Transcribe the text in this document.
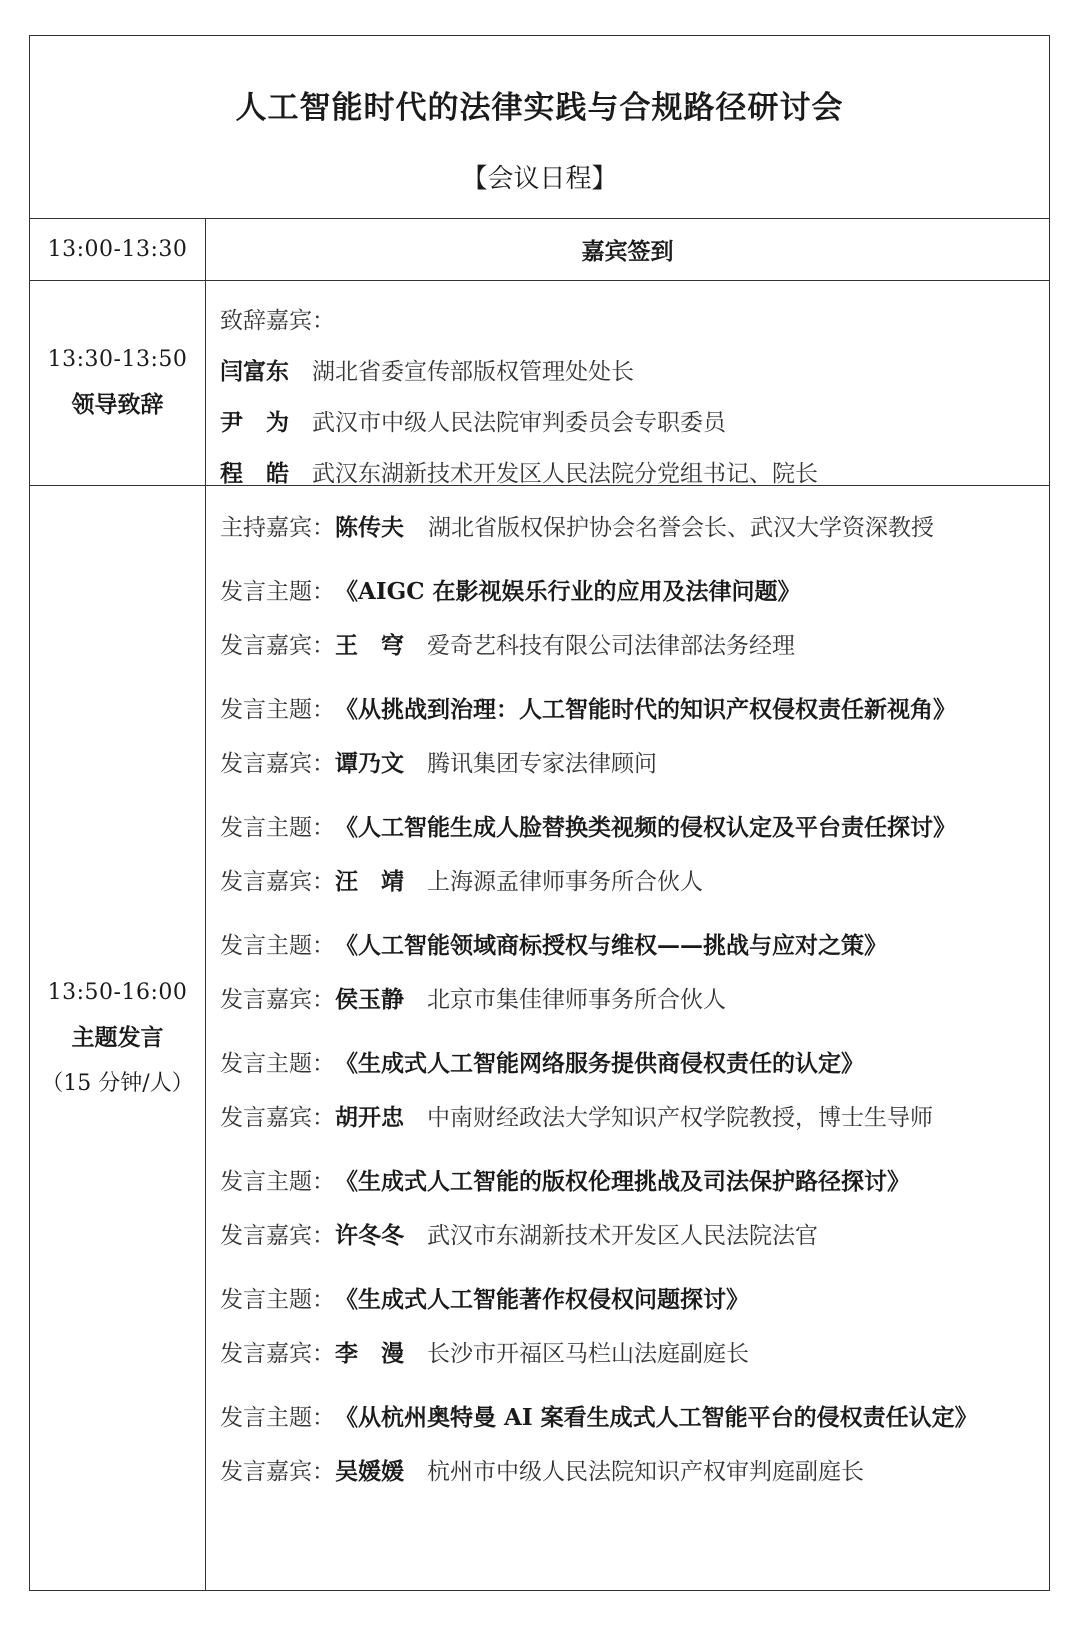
人工智能时代的法律实践与合规路径研讨会
【会议日程】
13:00-13:30	嘉宾签到
13:30-13:50
领导致辞
致辞嘉宾：
闫富东	湖北省委宣传部版权管理处处长
尹　为	武汉市中级人民法院审判委员会专职委员
程　皓	武汉东湖新技术开发区人民法院分党组书记、院长
13:50-16:00
主题发言
（15 分钟/人）
主持嘉宾： 陈传夫 湖北省版权保护协会名誉会长、武汉大学资深教授
发言主题： 《AIGC 在影视娱乐行业的应用及法律问题》
发言嘉宾： 王　穹	爱奇艺科技有限公司法律部法务经理
发言主题： 《从挑战到治理：人工智能时代的知识产权侵权责任新视角》
发言嘉宾： 谭乃文	腾讯集团专家法律顾问
发言主题： 《人工智能生成人脸替换类视频的侵权认定及平台责任探讨》
发言嘉宾： 汪　靖	上海源孟律师事务所合伙人
发言主题： 《人工智能领域商标授权与维权——挑战与应对之策》
发言嘉宾： 侯玉静	北京市集佳律师事务所合伙人
发言主题： 《生成式人工智能网络服务提供商侵权责任的认定》
发言嘉宾： 胡开忠	中南财经政法大学知识产权学院教授，博士生导师
发言主题： 《生成式人工智能的版权伦理挑战及司法保护路径探讨》
发言嘉宾： 许冬冬	武汉市东湖新技术开发区人民法院法官
发言主题： 《生成式人工智能著作权侵权问题探讨》
发言嘉宾： 李　漫	长沙市开福区马栏山法庭副庭长
发言主题： 《从杭州奥特曼 AI 案看生成式人工智能平台的侵权责任认定》
发言嘉宾： 吴媛媛	杭州市中级人民法院知识产权审判庭副庭长
